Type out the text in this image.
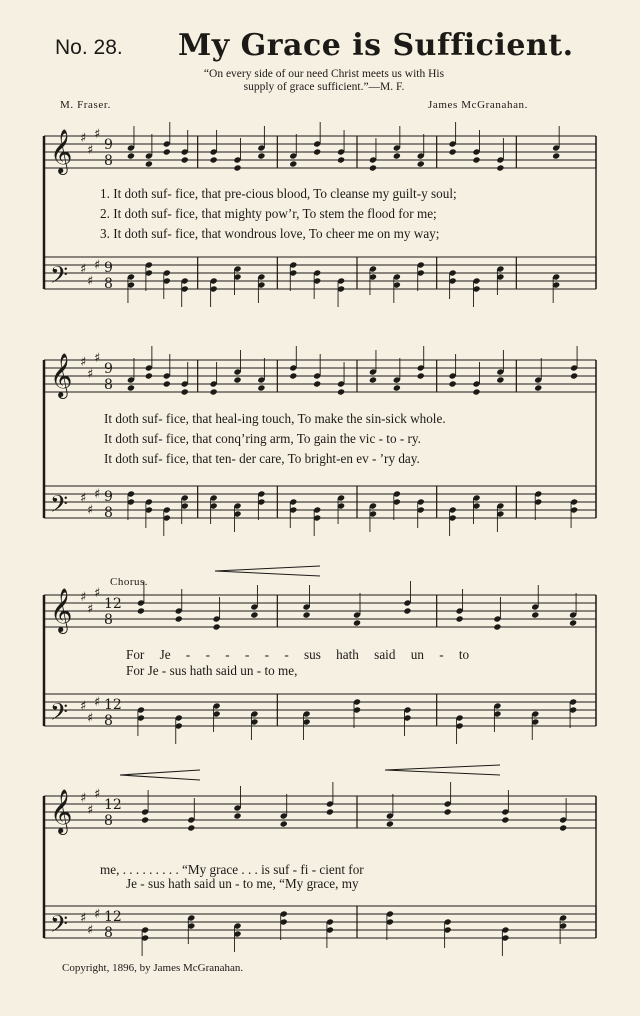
No. 28. My Grace is Sufficient.
“On every side of our need Christ meets us with His
supply of grace sufficient.”—M. F.
M. Fraser.	James McGranahan.
1. It doth suf- fice, that pre-cious blood, To cleanse my guilt-y soul;
2. It doth suf- fice, that mighty pow’r, To stem the flood for me;
3. It doth suf- fice, that wondrous love, To cheer me on my way;
It doth suf- fice, that heal-ing touch, To make the sin-sick whole.
It doth suf- fice, that conq’ring arm, To gain the vic - to - ry.
It doth suf- fice, that ten- der care, To bright-en ev - ’ry day.
Chorus.
For Je - - - - - - sus hath said un - to
For Je - sus hath said un - to me,
me, . . . . . . . . . “My grace . . . is suf - fi - cient for
Je - sus hath said un - to me, “My grace, my
Copyright, 1896, by James McGranahan.
𝄞 ♯
♯
♯
9
8
𝄢 ♯
♯
♯ 9
8
𝄞 ♯
♯
♯
9
8
𝄢 ♯
♯
♯ 9
8
𝄞 ♯
♯
♯
12
8
𝄢 ♯
♯
♯ 12
8
𝄞 ♯
♯
♯
12
8
𝄢 ♯
♯
♯ 12
8
